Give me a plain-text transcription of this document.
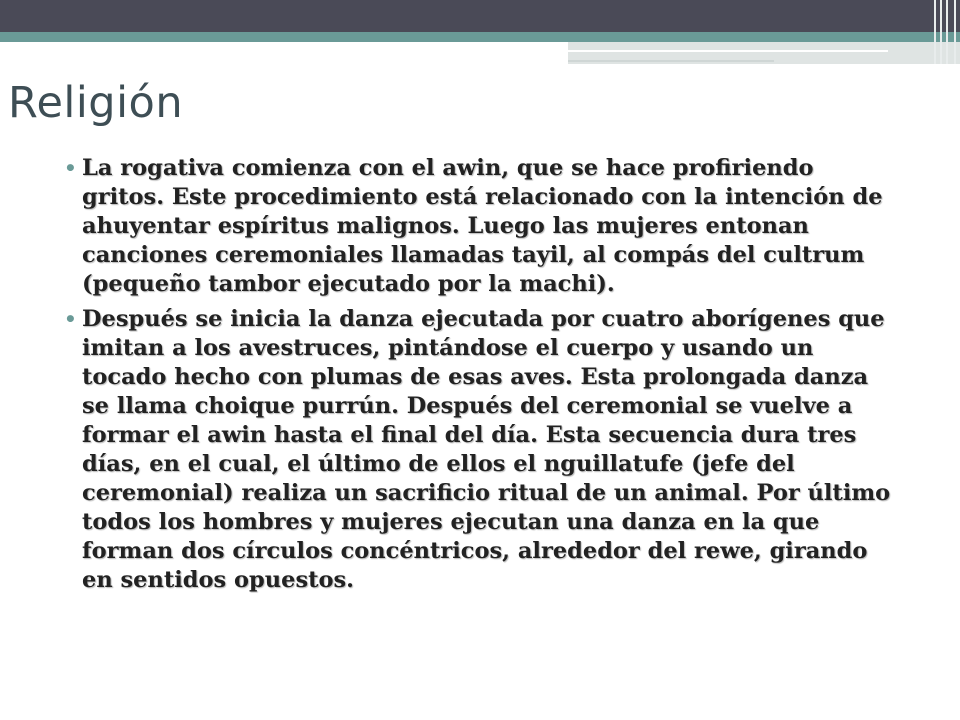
Religión
• La rogativa comienza con el awin, que se hace profiriendo gritos. Este procedimiento está relacionado con la intención de ahuyentar espíritus malignos. Luego las mujeres entonan canciones ceremoniales llamadas tayil, al compás del cultrum (pequeño tambor ejecutado por la machi).
• Después se inicia la danza ejecutada por cuatro aborígenes que imitan a los avestruces, pintándose el cuerpo y usando un tocado hecho con plumas de esas aves. Esta prolongada danza se llama choique purrún. Después del ceremonial se vuelve a formar el awin hasta el final del día. Esta secuencia dura tres días, en el cual, el último de ellos el nguillatufe (jefe del ceremonial) realiza un sacrificio ritual de un animal. Por último todos los hombres y mujeres ejecutan una danza en la que forman dos círculos concéntricos, alrededor del rewe, girando en sentidos opuestos.
